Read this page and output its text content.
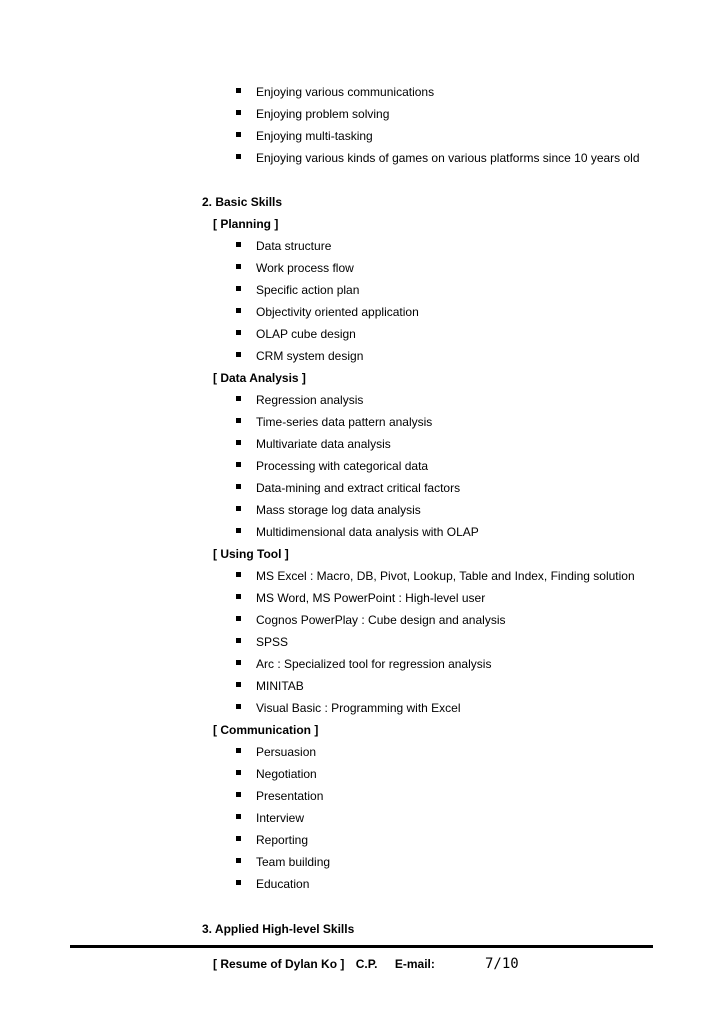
Enjoying various communications
Enjoying problem solving
Enjoying multi-tasking
Enjoying various kinds of games on various platforms since 10 years old
2. Basic Skills
[ Planning ]
Data structure
Work process flow
Specific action plan
Objectivity oriented application
OLAP cube design
CRM system design
[ Data Analysis ]
Regression analysis
Time-series data pattern analysis
Multivariate data analysis
Processing with categorical data
Data-mining and extract critical factors
Mass storage log data analysis
Multidimensional data analysis with OLAP
[ Using Tool ]
MS Excel : Macro, DB, Pivot, Lookup, Table and Index, Finding solution
MS Word, MS PowerPoint : High-level user
Cognos PowerPlay : Cube design and analysis
SPSS
Arc : Specialized tool for regression analysis
MINITAB
Visual Basic : Programming with Excel
[ Communication ]
Persuasion
Negotiation
Presentation
Interview
Reporting
Team building
Education
3. Applied High-level Skills
[ Resume of Dylan Ko ] C.P. E-mail:	7/10
